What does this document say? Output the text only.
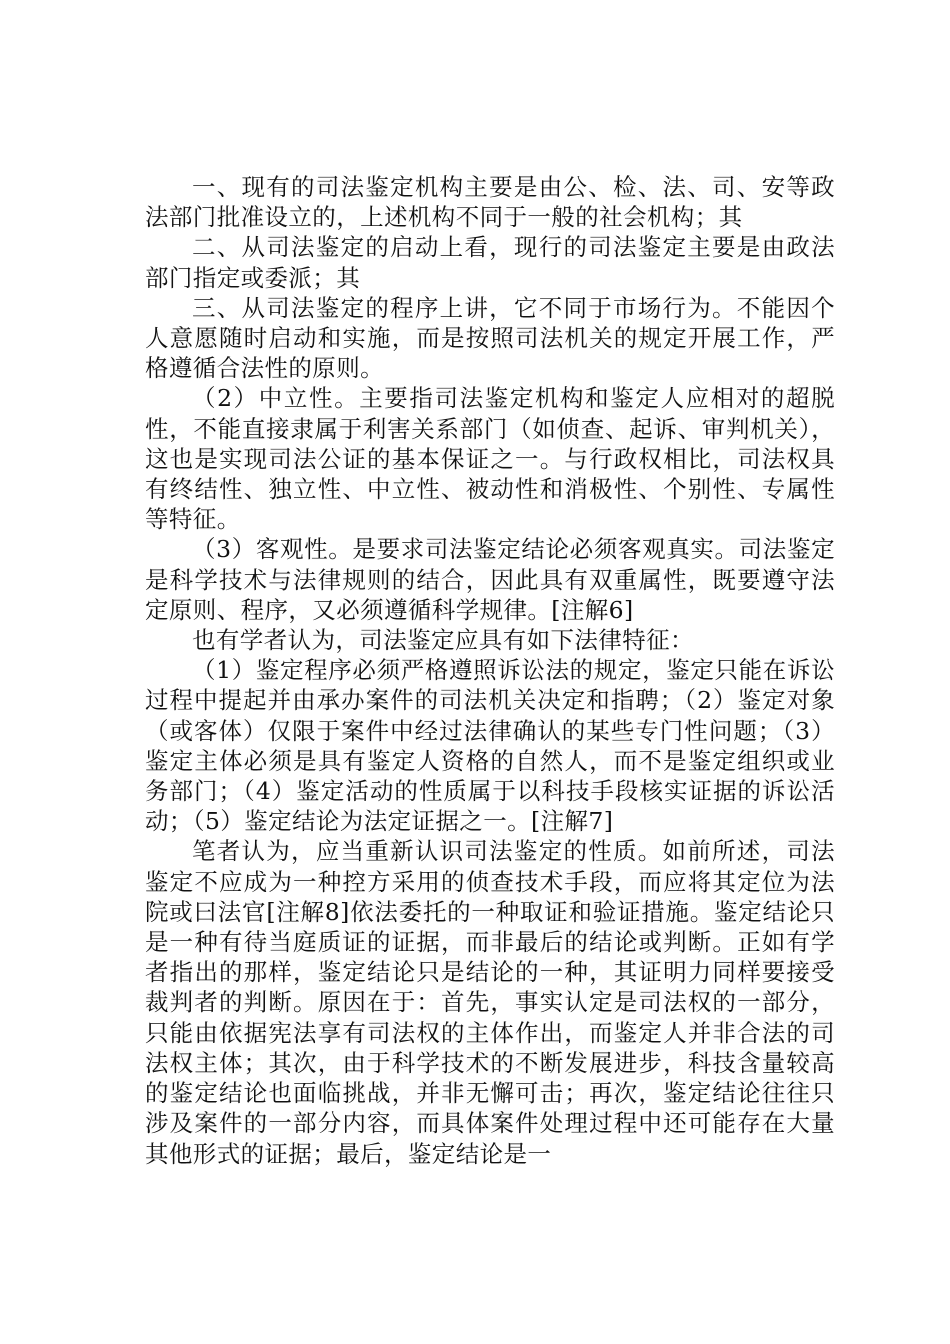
一、现有的司法鉴定机构主要是由公、检、法、司、安等政法部门批准设立的，上述机构不同于一般的社会机构；其

二、从司法鉴定的启动上看，现行的司法鉴定主要是由政法部门指定或委派；其

三、从司法鉴定的程序上讲，它不同于市场行为。不能因个人意愿随时启动和实施，而是按照司法机关的规定开展工作，严格遵循合法性的原则。

（2）中立性。主要指司法鉴定机构和鉴定人应相对的超脱性，不能直接隶属于利害关系部门（如侦查、起诉、审判机关），这也是实现司法公证的基本保证之一。与行政权相比，司法权具有终结性、独立性、中立性、被动性和消极性、个别性、专属性等特征。

（3）客观性。是要求司法鉴定结论必须客观真实。司法鉴定是科学技术与法律规则的结合，因此具有双重属性，既要遵守法定原则、程序，又必须遵循科学规律。[注解6]

也有学者认为，司法鉴定应具有如下法律特征：

（1）鉴定程序必须严格遵照诉讼法的规定，鉴定只能在诉讼过程中提起并由承办案件的司法机关决定和指聘；（2）鉴定对象（或客体）仅限于案件中经过法律确认的某些专门性问题；（3）鉴定主体必须是具有鉴定人资格的自然人，而不是鉴定组织或业务部门；（4）鉴定活动的性质属于以科技手段核实证据的诉讼活动；（5）鉴定结论为法定证据之一。[注解7]

笔者认为，应当重新认识司法鉴定的性质。如前所述，司法鉴定不应成为一种控方采用的侦查技术手段，而应将其定位为法院或曰法官[注解8]依法委托的一种取证和验证措施。鉴定结论只是一种有待当庭质证的证据，而非最后的结论或判断。正如有学者指出的那样，鉴定结论只是结论的一种，其证明力同样要接受裁判者的判断。原因在于：首先，事实认定是司法权的一部分，只能由依据宪法享有司法权的主体作出，而鉴定人并非合法的司法权主体；其次，由于科学技术的不断发展进步，科技含量较高的鉴定结论也面临挑战，并非无懈可击；再次，鉴定结论往往只涉及案件的一部分内容，而具体案件处理过程中还可能存在大量其他形式的证据；最后，鉴定结论是一
